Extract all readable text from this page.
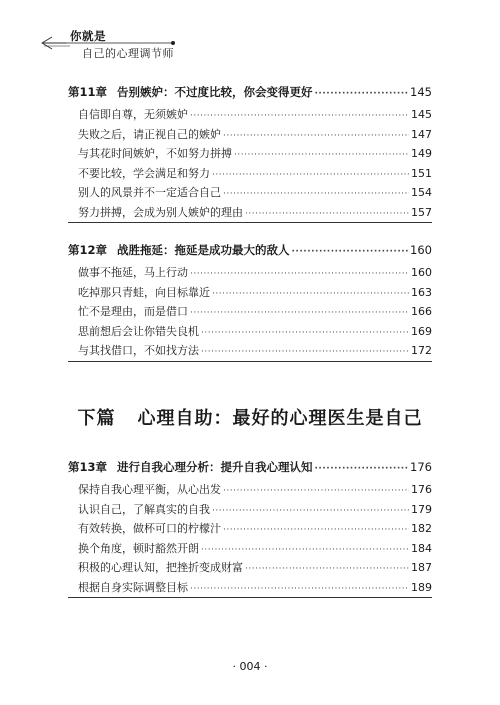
你就是
自己的心理调节师
第11章 告别嫉妒：不过度比较，你会变得更好 ·····	145
自信即自尊，无须嫉妒 ·····	145
失败之后，请正视自己的嫉妒 ·····	147
与其花时间嫉妒，不如努力拼搏 ·····	149
不要比较，学会满足和努力 ·····	151
别人的风景并不一定适合自己 ·····	154
努力拼搏，会成为别人嫉妒的理由 ·····	157
第12章 战胜拖延：拖延是成功最大的敌人 ·····	160
做事不拖延，马上行动 ·····	160
吃掉那只青蛙，向目标靠近 ·····	163
忙不是理由，而是借口 ·····	166
思前想后会让你错失良机 ·····	169
与其找借口，不如找方法 ·····	172
下篇 心理自助：最好的心理医生是自己
第13章 进行自我心理分析：提升自我心理认知 ·····	176
保持自我心理平衡，从心出发 ·····	176
认识自己，了解真实的自我 ·····	179
有效转换，做杯可口的柠檬汁 ·····	182
换个角度，顿时豁然开朗 ·····	184
积极的心理认知，把挫折变成财富 ·····	187
根据自身实际调整目标 ·····	189
· 004 ·
